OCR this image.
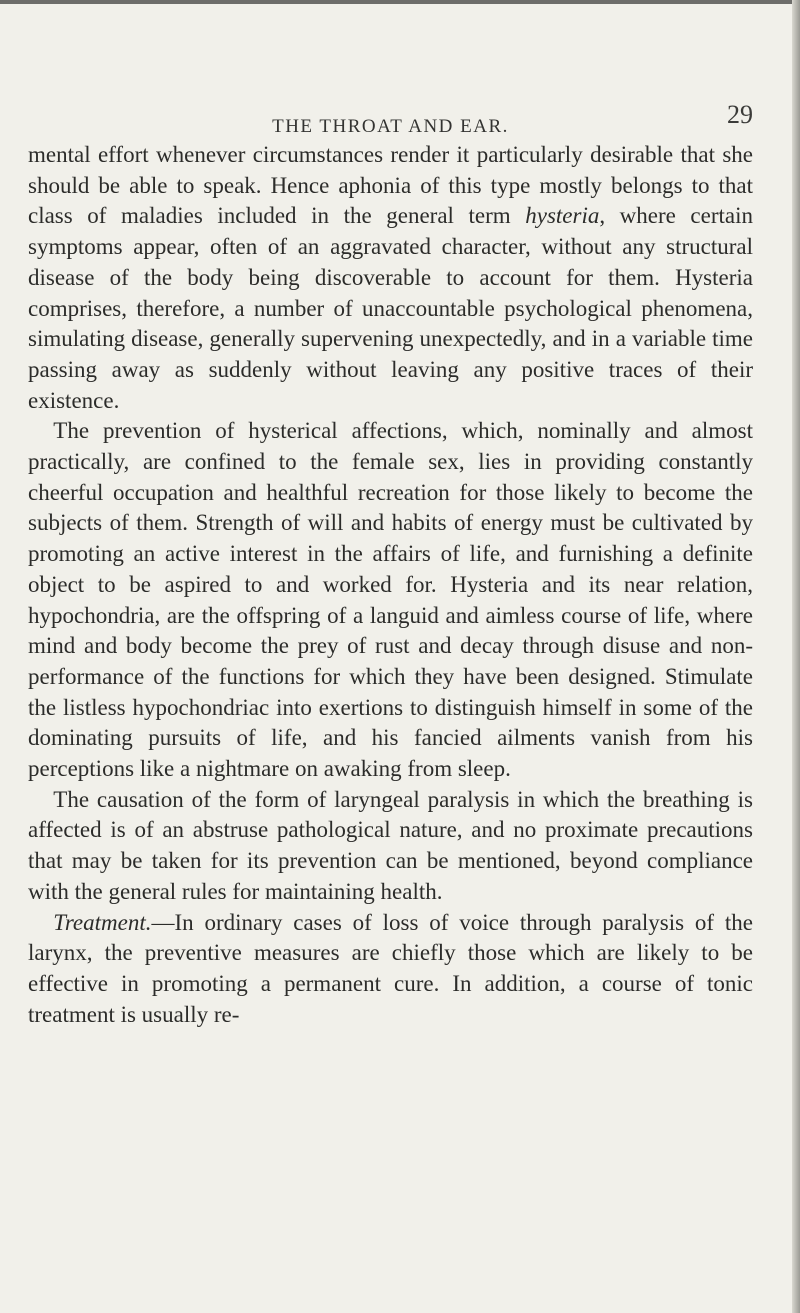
THE THROAT AND EAR.	29

mental effort whenever circumstances render it particularly desirable that she should be able to speak. Hence aphonia of this type mostly belongs to that class of maladies included in the general term hysteria, where certain symptoms appear, often of an aggravated character, without any structural disease of the body being discoverable to account for them. Hysteria comprises, therefore, a number of unaccountable psychological phenomena, simulating disease, generally supervening unexpectedly, and in a variable time passing away as suddenly without leaving any positive traces of their existence.

The prevention of hysterical affections, which, nominally and almost practically, are confined to the female sex, lies in providing constantly cheerful occupation and healthful recreation for those likely to become the subjects of them. Strength of will and habits of energy must be cultivated by promoting an active interest in the affairs of life, and furnishing a definite object to be aspired to and worked for. Hysteria and its near relation, hypochondria, are the offspring of a languid and aimless course of life, where mind and body become the prey of rust and decay through disuse and non-performance of the functions for which they have been designed. Stimulate the listless hypochondriac into exertions to distinguish himself in some of the dominating pursuits of life, and his fancied ailments vanish from his perceptions like a nightmare on awaking from sleep.

The causation of the form of laryngeal paralysis in which the breathing is affected is of an abstruse pathological nature, and no proximate precautions that may be taken for its prevention can be mentioned, beyond compliance with the general rules for maintaining health.

Treatment.—In ordinary cases of loss of voice through paralysis of the larynx, the preventive measures are chiefly those which are likely to be effective in promoting a permanent cure. In addition, a course of tonic treatment is usually re-
